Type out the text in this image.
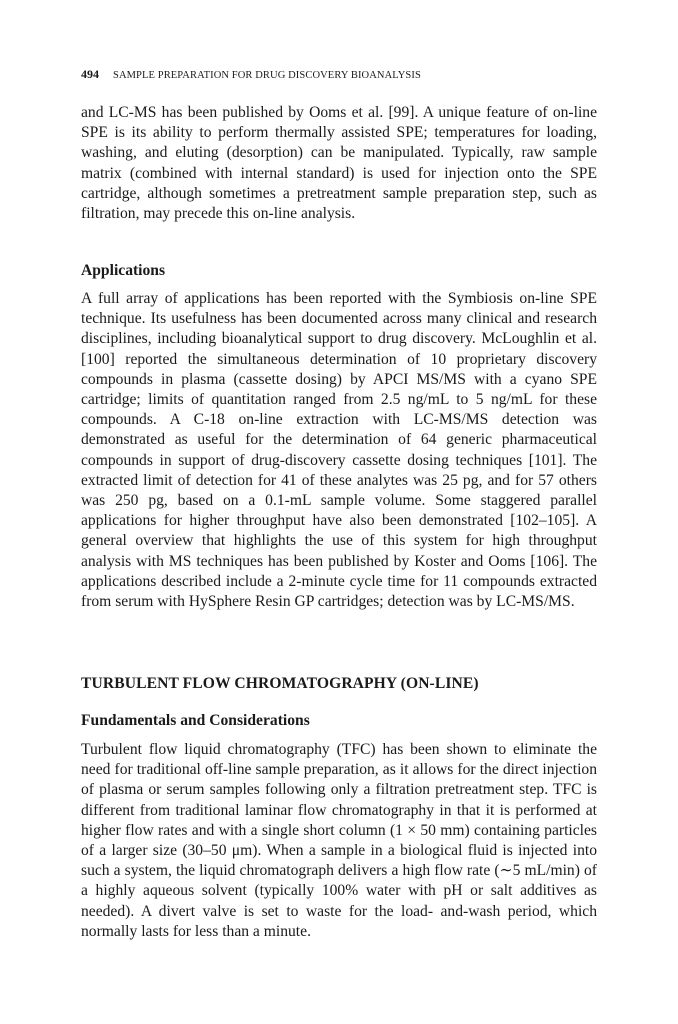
494 SAMPLE PREPARATION FOR DRUG DISCOVERY BIOANALYSIS

and LC-MS has been published by Ooms et al. [99]. A unique feature of on-line SPE is its ability to perform thermally assisted SPE; temperatures for loading, washing, and eluting (desorption) can be manipulated. Typically, raw sample matrix (combined with internal standard) is used for injection onto the SPE cartridge, although sometimes a pretreatment sample preparation step, such as filtration, may precede this on-line analysis.

Applications

A full array of applications has been reported with the Symbiosis on-line SPE technique. Its usefulness has been documented across many clinical and research disciplines, including bioanalytical support to drug discovery. McLoughlin et al. [100] reported the simultaneous determination of 10 proprietary discovery compounds in plasma (cassette dosing) by APCI MS/MS with a cyano SPE cartridge; limits of quantitation ranged from 2.5 ng/mL to 5 ng/mL for these compounds. A C-18 on-line extraction with LC-MS/MS detection was demonstrated as useful for the determination of 64 generic pharmaceutical compounds in support of drug-discovery cassette dosing techniques [101]. The extracted limit of detection for 41 of these analytes was 25 pg, and for 57 others was 250 pg, based on a 0.1-mL sample volume. Some staggered parallel applications for higher throughput have also been demonstrated [102–105]. A general overview that highlights the use of this system for high throughput analysis with MS techniques has been published by Koster and Ooms [106]. The applications described include a 2-minute cycle time for 11 compounds extracted from serum with HySphere Resin GP cartridges; detection was by LC-MS/MS.

TURBULENT FLOW CHROMATOGRAPHY (ON-LINE)
Fundamentals and Considerations

Turbulent flow liquid chromatography (TFC) has been shown to eliminate the need for traditional off-line sample preparation, as it allows for the direct injection of plasma or serum samples following only a filtration pretreatment step. TFC is different from traditional laminar flow chromatography in that it is performed at higher flow rates and with a single short column (1 × 50 mm) containing particles of a larger size (30–50 μm). When a sample in a biological fluid is injected into such a system, the liquid chromatograph delivers a high flow rate (∼5 mL/min) of a highly aqueous solvent (typically 100% water with pH or salt additives as needed). A divert valve is set to waste for the load- and-wash period, which normally lasts for less than a minute.
